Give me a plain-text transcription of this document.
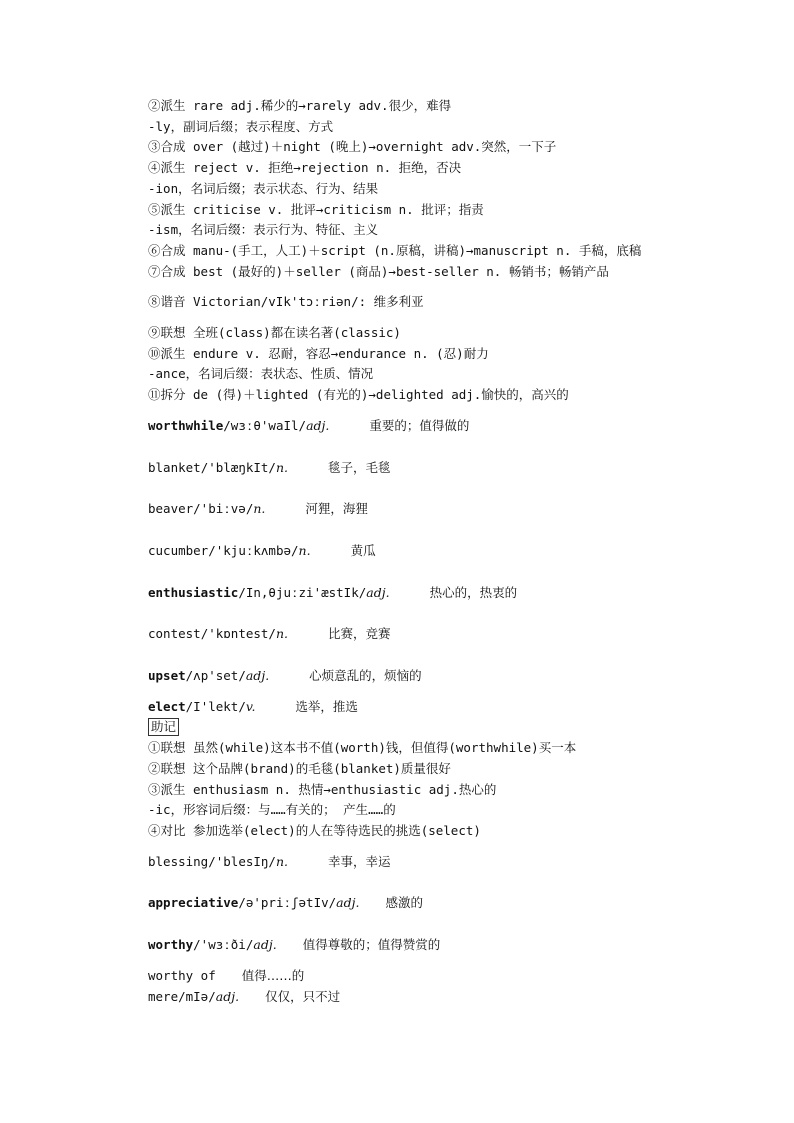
②派生 rare adj.稀少的→rarely adv.很少，难得
-ly，副词后缀；表示程度、方式
③合成 over (越过)＋night (晚上)→overnight adv.突然，一下子
④派生 reject v. 拒绝→rejection n. 拒绝，否决
-ion，名词后缀；表示状态、行为、结果
⑤派生 criticise v. 批评→criticism n. 批评；指责
-ism，名词后缀：表示行为、特征、主义
⑥合成 manu-(手工，人工)＋script (n.原稿，讲稿)→manuscript n. 手稿，底稿
⑦合成 best (最好的)＋seller (商品)→best-seller n. 畅销书；畅销产品
⑧谐音 Victorian/vIk'tɔːriən/: 维多利亚
⑨联想 全班(class)都在读名著(classic)
⑩派生 endure v. 忍耐，容忍→endurance n. (忍)耐力
-ance，名词后缀：表状态、性质、情况
⑪拆分 de (得)＋lighted (有光的)→delighted adj.愉快的，高兴的
worthwhile/wɜːθ'waIl/adj.	重要的；值得做的
blanket/'blæŋkIt/n.	毯子，毛毯
beaver/'biːvə/n.	河狸，海狸
cucumber/'kjuːkʌmbə/n.	黄瓜
enthusiastic/In,θjuːzi'æstIk/adj.	热心的，热衷的
contest/'kɒntest/n.	比赛，竞赛
upset/ʌp'set/adj.	心烦意乱的，烦恼的
elect/I'lekt/v.	选举，推选
助记
①联想 虽然(while)这本书不值(worth)钱，但值得(worthwhile)买一本
②联想 这个品牌(brand)的毛毯(blanket)质量很好
③派生 enthusiasm n. 热情→enthusiastic adj.热心的
-ic，形容词后缀：与……有关的； 产生……的
④对比 参加选举(elect)的人在等待选民的挑选(select)
blessing/'blesIŋ/n.	幸事，幸运
appreciative/ə'priːʃətIv/adj. 感激的
worthy/'wɜːði/adj. 值得尊敬的；值得赞赏的
worthy of 值得……的
mere/mIə/adj. 仅仅，只不过
